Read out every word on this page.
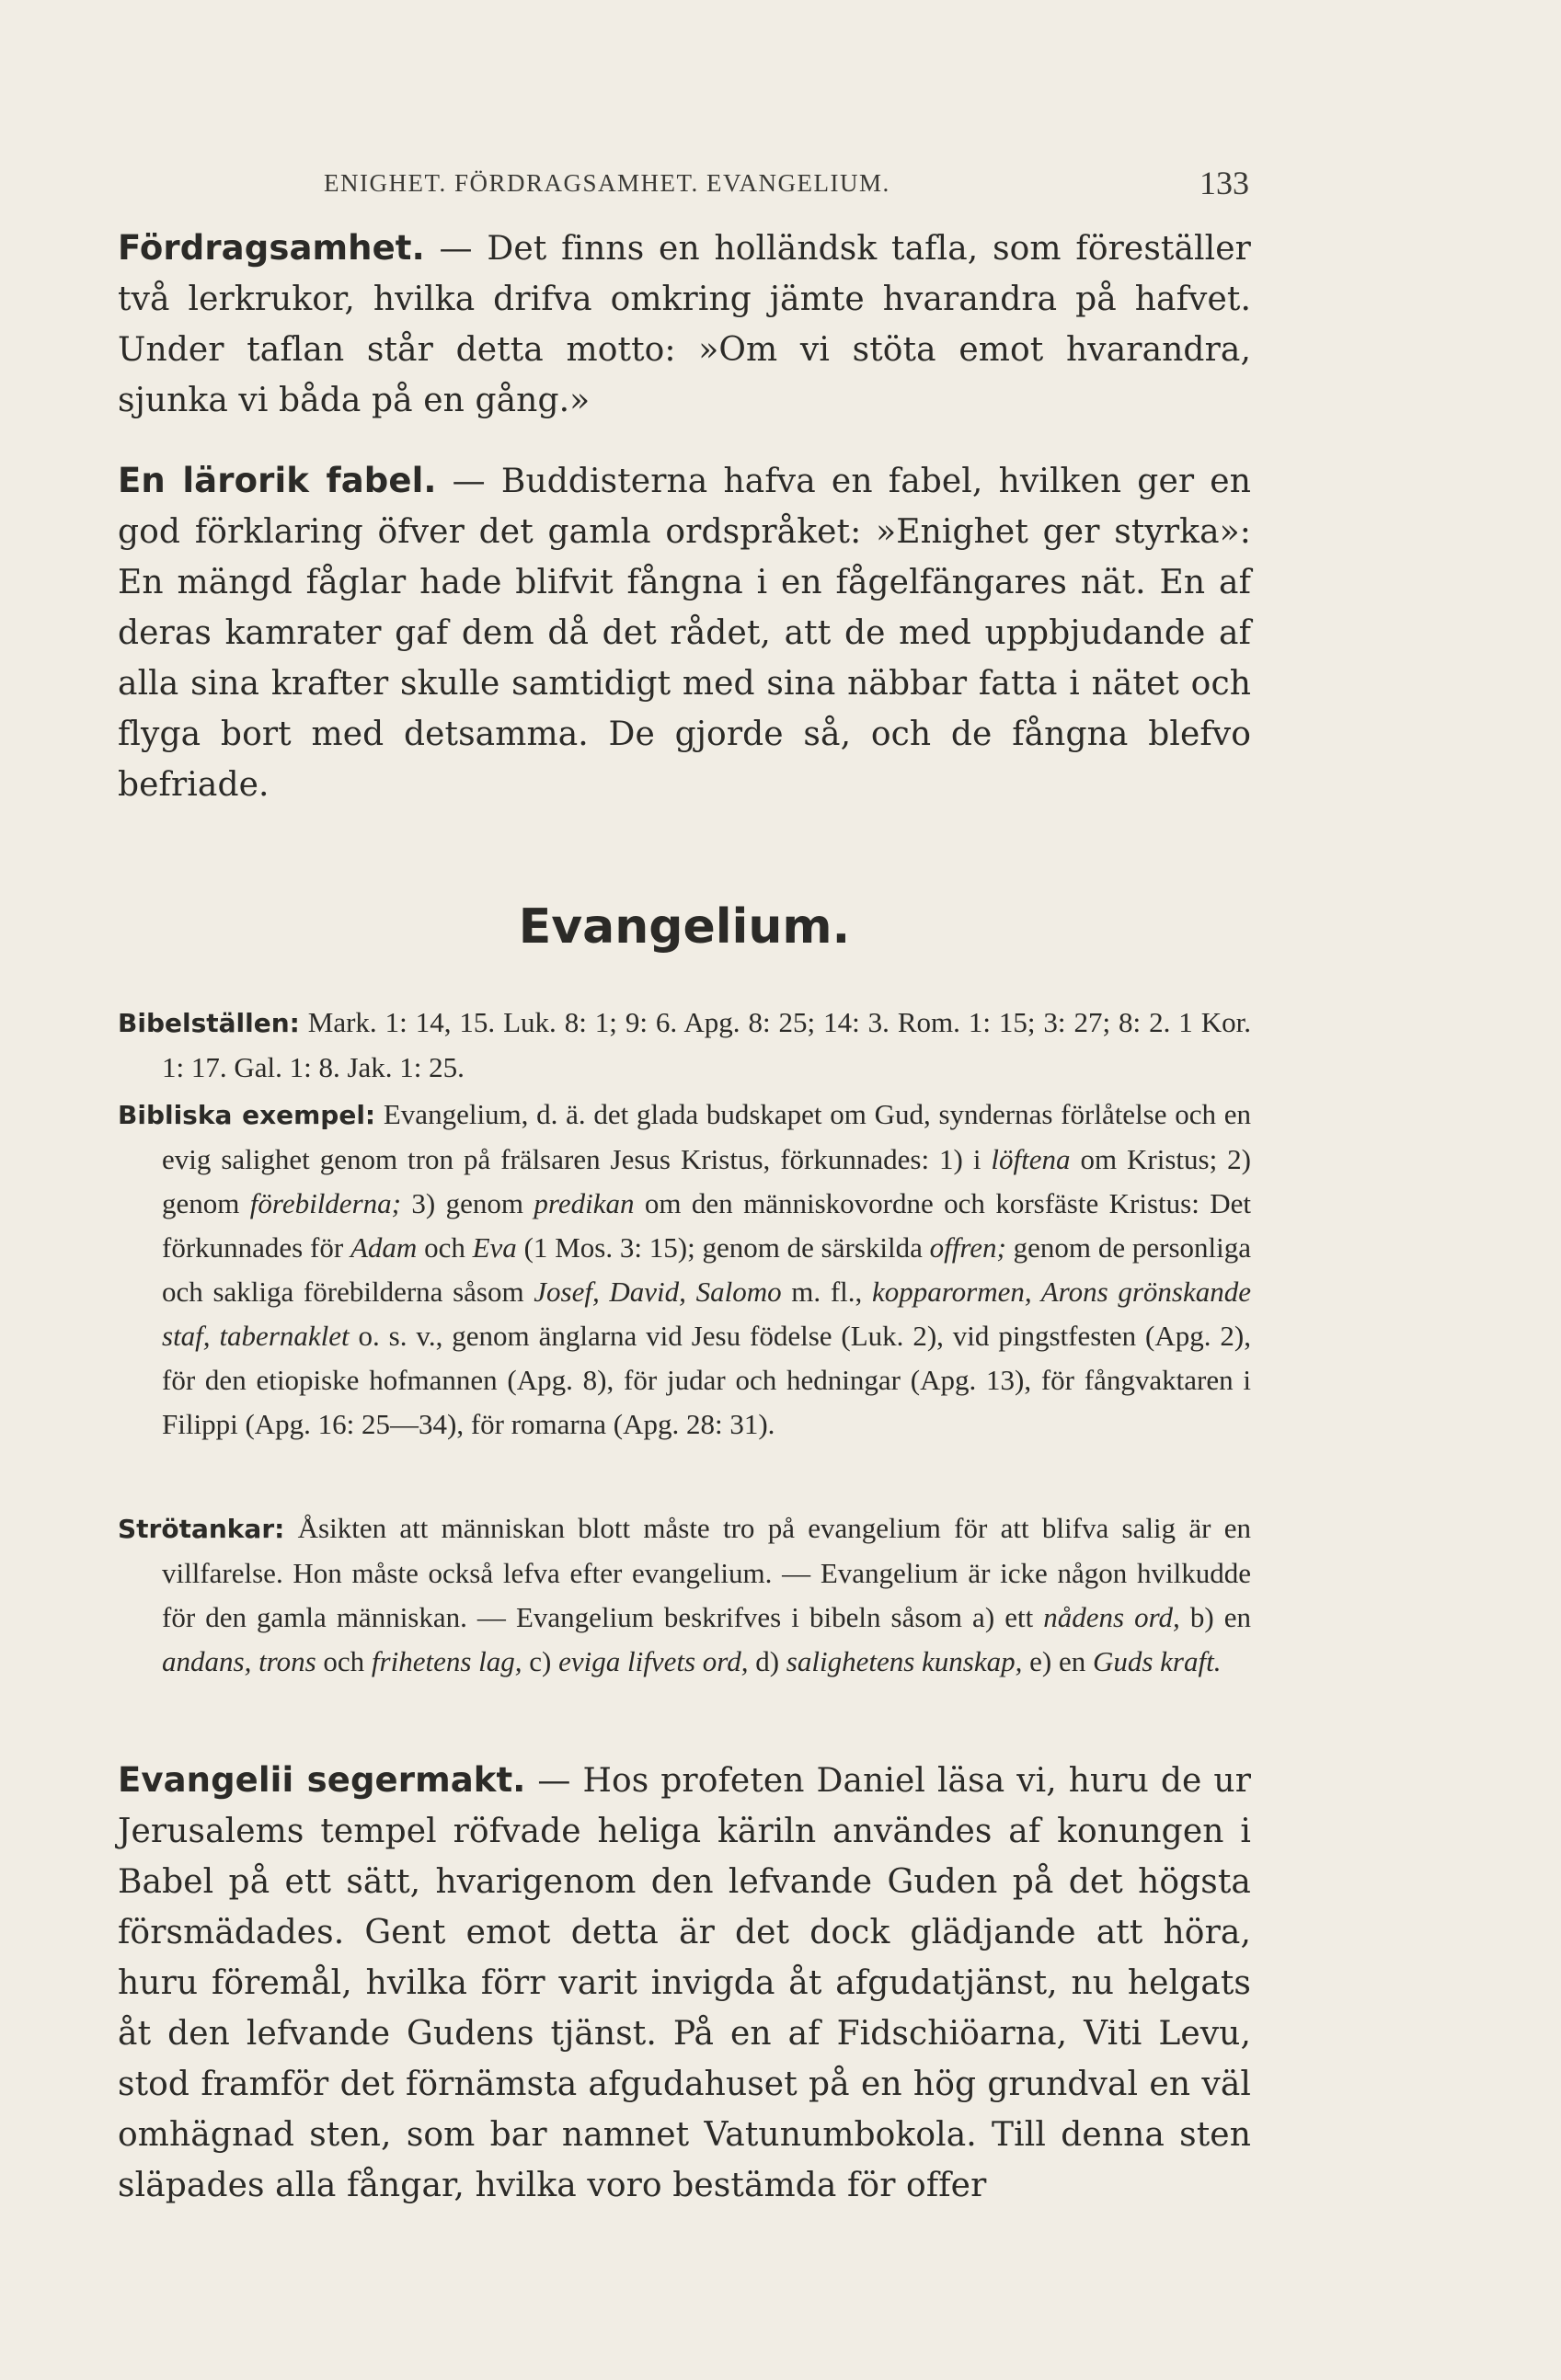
ENIGHET. FÖRDRAGSAMHET. EVANGELIUM.	133

Fördragsamhet. — Det finns en holländsk tafla, som föreställer två lerkrukor, hvilka drifva omkring jämte hvarandra på hafvet. Under taflan står detta motto: »Om vi stöta emot hvarandra, sjunka vi båda på en gång.»

En lärorik fabel. — Buddisterna hafva en fabel, hvilken ger en god förklaring öfver det gamla ordspråket: »Enighet ger styrka»: En mängd fåglar hade blifvit fångna i en fågelfängares nät. En af deras kamrater gaf dem då det rådet, att de med uppbjudande af alla sina krafter skulle samtidigt med sina näbbar fatta i nätet och flyga bort med detsamma. De gjorde så, och de fångna blefvo befriade.

Evangelium.

Bibelställen: Mark. 1: 14, 15. Luk. 8: 1; 9: 6. Apg. 8: 25; 14: 3. Rom. 1: 15; 3: 27; 8: 2. 1 Kor. 1: 17. Gal. 1: 8. Jak. 1: 25.

Bibliska exempel: Evangelium, d. ä. det glada budskapet om Gud, syndernas förlåtelse och en evig salighet genom tron på frälsaren Jesus Kristus, förkunnades: 1) i löftena om Kristus; 2) genom förebilderna; 3) genom predikan om den människovordne och korsfäste Kristus: Det förkunnades för Adam och Eva (1 Mos. 3: 15); genom de särskilda offren; genom de personliga och sakliga förebilderna såsom Josef, David, Salomo m. fl., kopparormen, Arons grönskande staf, tabernaklet o. s. v., genom änglarna vid Jesu födelse (Luk. 2), vid pingstfesten (Apg. 2), för den etiopiske hofmannen (Apg. 8), för judar och hedningar (Apg. 13), för fångvaktaren i Filippi (Apg. 16: 25—34), för romarna (Apg. 28: 31).

Strötankar: Åsikten att människan blott måste tro på evangelium för att blifva salig är en villfarelse. Hon måste också lefva efter evangelium. — Evangelium är icke någon hvilkudde för den gamla människan. — Evangelium beskrifves i bibeln såsom a) ett nådens ord, b) en andans, trons och frihetens lag, c) eviga lifvets ord, d) salighetens kunskap, e) en Guds kraft.

Evangelii segermakt. — Hos profeten Daniel läsa vi, huru de ur Jerusalems tempel röfvade heliga käriln användes af konungen i Babel på ett sätt, hvarigenom den lefvande Guden på det högsta försmädades. Gent emot detta är det dock glädjande att höra, huru föremål, hvilka förr varit invigda åt afgudatjänst, nu helgats åt den lefvande Gudens tjänst. På en af Fidschiöarna, Viti Levu, stod framför det förnämsta afgudahuset på en hög grundval en väl omhägnad sten, som bar namnet Vatunumbokola. Till denna sten släpades alla fångar, hvilka voro bestämda för offer
